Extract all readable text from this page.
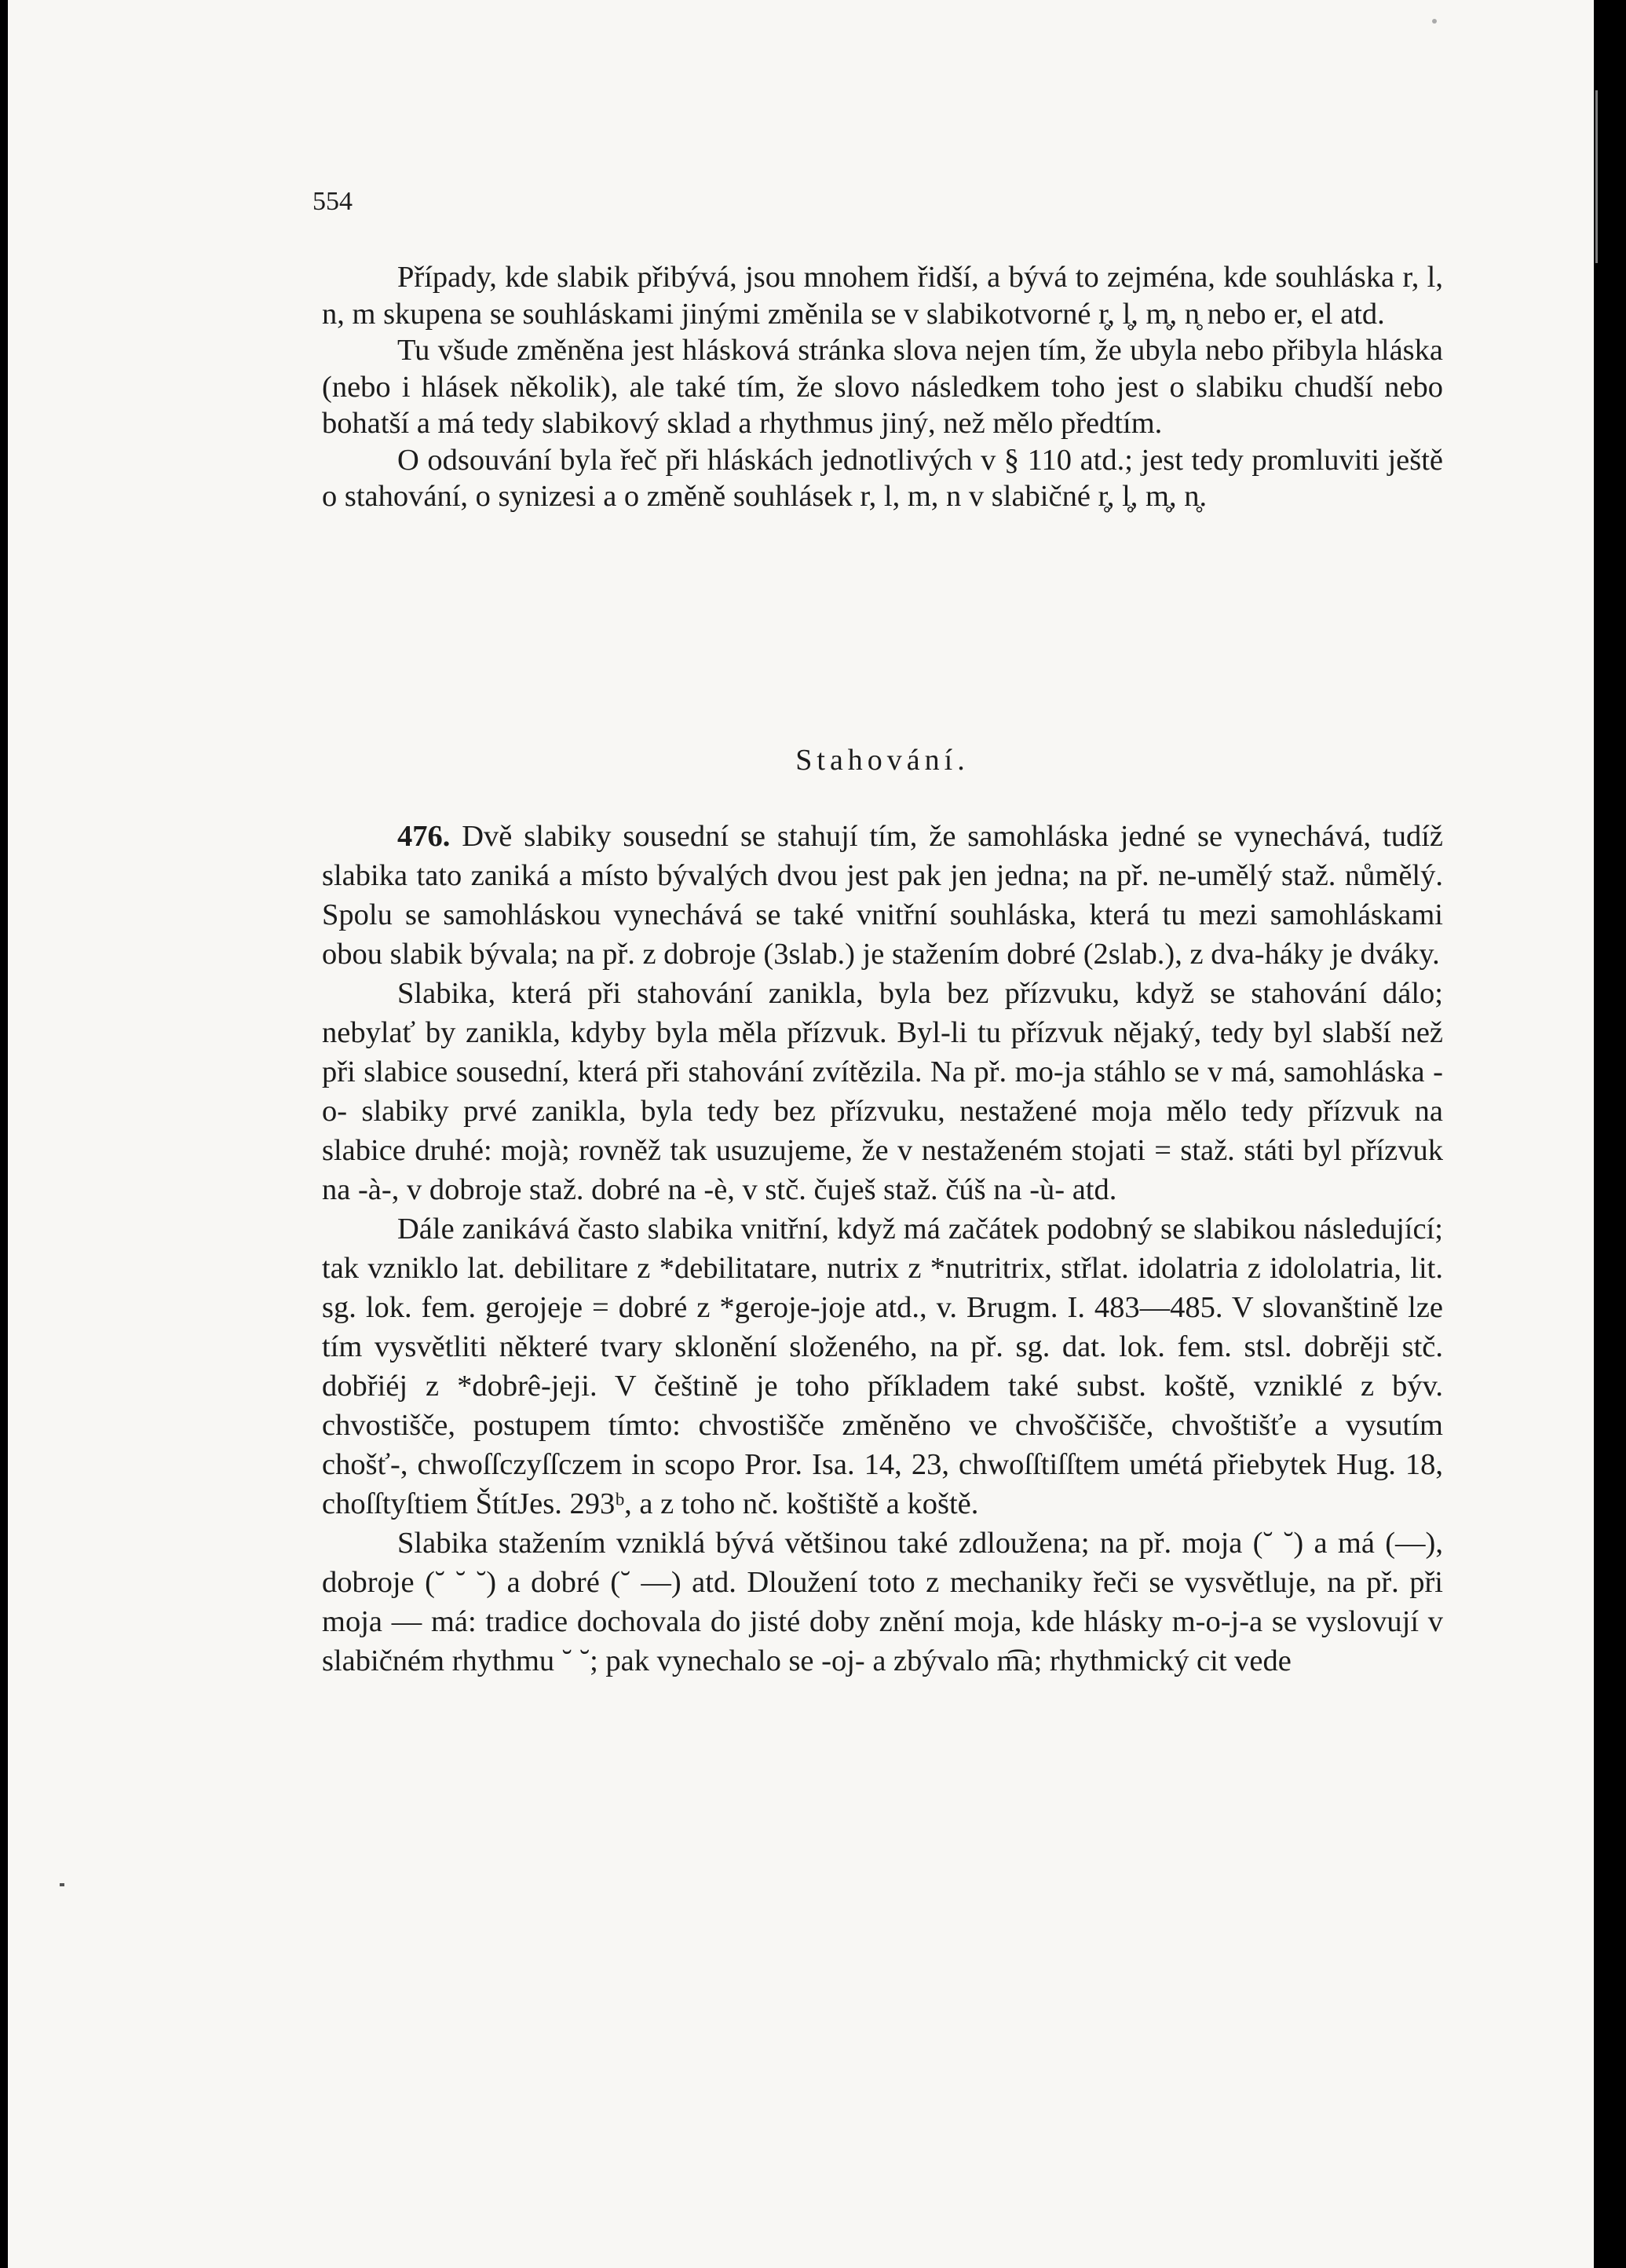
554

Případy, kde slabik přibývá, jsou mnohem řidší, a bývá to zejména, kde souhláska r, l, n, m skupena se souhláskami jinými změnila se v slabikotvorné r̥, l̥, m̥, n̥ nebo er, el atd.

Tu všude změněna jest hlásková stránka slova nejen tím, že ubyla nebo přibyla hláska (nebo i hlásek několik), ale také tím, že slovo následkem toho jest o slabiku chudší nebo bohatší a má tedy slabikový sklad a rhythmus jiný, než mělo předtím.

O odsouvání byla řeč při hláskách jednotlivých v § 110 atd.; jest tedy promluviti ještě o stahování, o synizesi a o změně souhlásek r, l, m, n v slabičné r̥, l̥, m̥, n̥.

Stahování.

476. Dvě slabiky sousední se stahují tím, že samohláska jedné se vynechává, tudíž slabika tato zaniká a místo bývalých dvou jest pak jen jedna; na př. ne-umělý staž. nůmělý. Spolu se samohláskou vynechává se také vnitřní souhláska, která tu mezi samohláskami obou slabik bývala; na př. z dobroje (3slab.) je stažením dobré (2slab.), z dva-háky je dváky.

Slabika, která při stahování zanikla, byla bez přízvuku, když se stahování dálo; nebylať by zanikla, kdyby byla měla přízvuk. Byl-li tu přízvuk nějaký, tedy byl slabší než při slabice sousední, která při stahování zvítězila. Na př. mo-ja stáhlo se v má, samohláska -o- slabiky prvé zanikla, byla tedy bez přízvuku, nestažené moja mělo tedy přízvuk na slabice druhé: mojà; rovněž tak usuzujeme, že v nestaženém stojati = staž. státi byl přízvuk na -à-, v dobroje staž. dobré na -è, v stč. čuješ staž. čúš na -ù- atd.

Dále zanikává často slabika vnitřní, když má začátek podobný se slabikou následující; tak vzniklo lat. debilitare z *debilitatare, nutrix z *nutritrix, střlat. idolatria z idololatria, lit. sg. lok. fem. gerojeje = dobré z *geroje-joje atd., v. Brugm. I. 483—485. V slovanštině lze tím vysvětliti některé tvary sklonění složeného, na př. sg. dat. lok. fem. stsl. dobrěji stč. dobřiéj z *dobrê-jeji. V češtině je toho příkladem také subst. koště, vzniklé z býv. chvostišče, postupem tímto: chvostišče změněno ve chvoščišče, chvoštišťe a vysutím chošť-, chwoſſczyſſczem in scopo Pror. Isa. 14, 23, chwoſſtiſſtem umétá přiebytek Hug. 18, choſſtyſtiem ŠtítJes. 293ᵇ, a z toho nč. koštiště a koště.

Slabika stažením vzniklá bývá většinou také zdloužena; na př. moja (˘ ˘) a má (—), dobroje (˘ ˘ ˘) a dobré (˘ —) atd. Dloužení toto z mechaniky řeči se vysvětluje, na př. při moja — má: tradice dochovala do jisté doby znění moja, kde hlásky m-o-j-a se vyslovují v slabičném rhythmu ˘ ˘; pak vynechalo se -oj- a zbývalo m͡a; rhythmický cit vede
